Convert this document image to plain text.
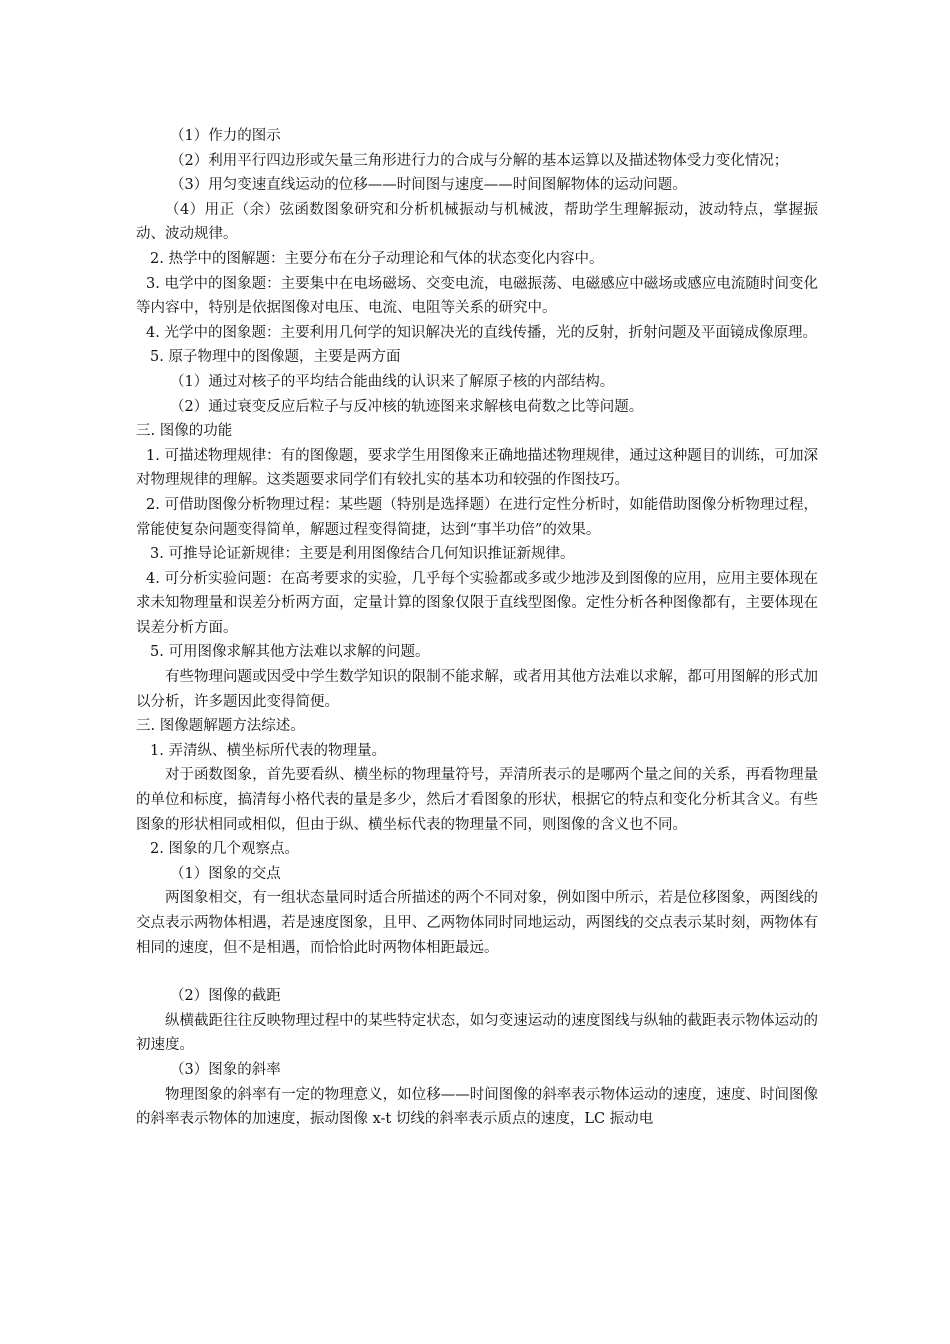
（1）作力的图示

（2）利用平行四边形或矢量三角形进行力的合成与分解的基本运算以及描述物体受力变化情况；

（3）用匀变速直线运动的位移——时间图与速度——时间图解物体的运动问题。

（4）用正（余）弦函数图象研究和分析机械振动与机械波，帮助学生理解振动，波动特点，掌握振动、波动规律。

2. 热学中的图解题：主要分布在分子动理论和气体的状态变化内容中。

3. 电学中的图象题：主要集中在电场磁场、交变电流，电磁振荡、电磁感应中磁场或感应电流随时间变化等内容中，特别是依据图像对电压、电流、电阻等关系的研究中。

4. 光学中的图象题：主要利用几何学的知识解决光的直线传播，光的反射，折射问题及平面镜成像原理。

5. 原子物理中的图像题，主要是两方面

（1）通过对核子的平均结合能曲线的认识来了解原子核的内部结构。

（2）通过衰变反应后粒子与反冲核的轨迹图来求解核电荷数之比等问题。

三. 图像的功能

1. 可描述物理规律：有的图像题，要求学生用图像来正确地描述物理规律，通过这种题目的训练，可加深对物理规律的理解。这类题要求同学们有较扎实的基本功和较强的作图技巧。

2. 可借助图像分析物理过程：某些题（特别是选择题）在进行定性分析时，如能借助图像分析物理过程，常能使复杂问题变得简单，解题过程变得简捷，达到“事半功倍”的效果。

3. 可推导论证新规律：主要是利用图像结合几何知识推证新规律。

4. 可分析实验问题：在高考要求的实验，几乎每个实验都或多或少地涉及到图像的应用，应用主要体现在求未知物理量和误差分析两方面，定量计算的图象仅限于直线型图像。定性分析各种图像都有，主要体现在误差分析方面。

5. 可用图像求解其他方法难以求解的问题。

有些物理问题或因受中学生数学知识的限制不能求解，或者用其他方法难以求解，都可用图解的形式加以分析，许多题因此变得简便。

三. 图像题解题方法综述。

1. 弄清纵、横坐标所代表的物理量。

对于函数图象，首先要看纵、横坐标的物理量符号，弄清所表示的是哪两个量之间的关系，再看物理量的单位和标度，搞清每小格代表的量是多少，然后才看图象的形状，根据它的特点和变化分析其含义。有些图象的形状相同或相似，但由于纵、横坐标代表的物理量不同，则图像的含义也不同。

2. 图象的几个观察点。

（1）图象的交点

两图象相交，有一组状态量同时适合所描述的两个不同对象，例如图中所示，若是位移图象，两图线的交点表示两物体相遇，若是速度图象，且甲、乙两物体同时同地运动，两图线的交点表示某时刻，两物体有相同的速度，但不是相遇，而恰恰此时两物体相距最远。

（2）图像的截距

纵横截距往往反映物理过程中的某些特定状态，如匀变速运动的速度图线与纵轴的截距表示物体运动的初速度。

（3）图象的斜率

物理图象的斜率有一定的物理意义，如位移——时间图像的斜率表示物体运动的速度，速度、时间图像的斜率表示物体的加速度，振动图像 x-t 切线的斜率表示质点的速度，LC 振动电
